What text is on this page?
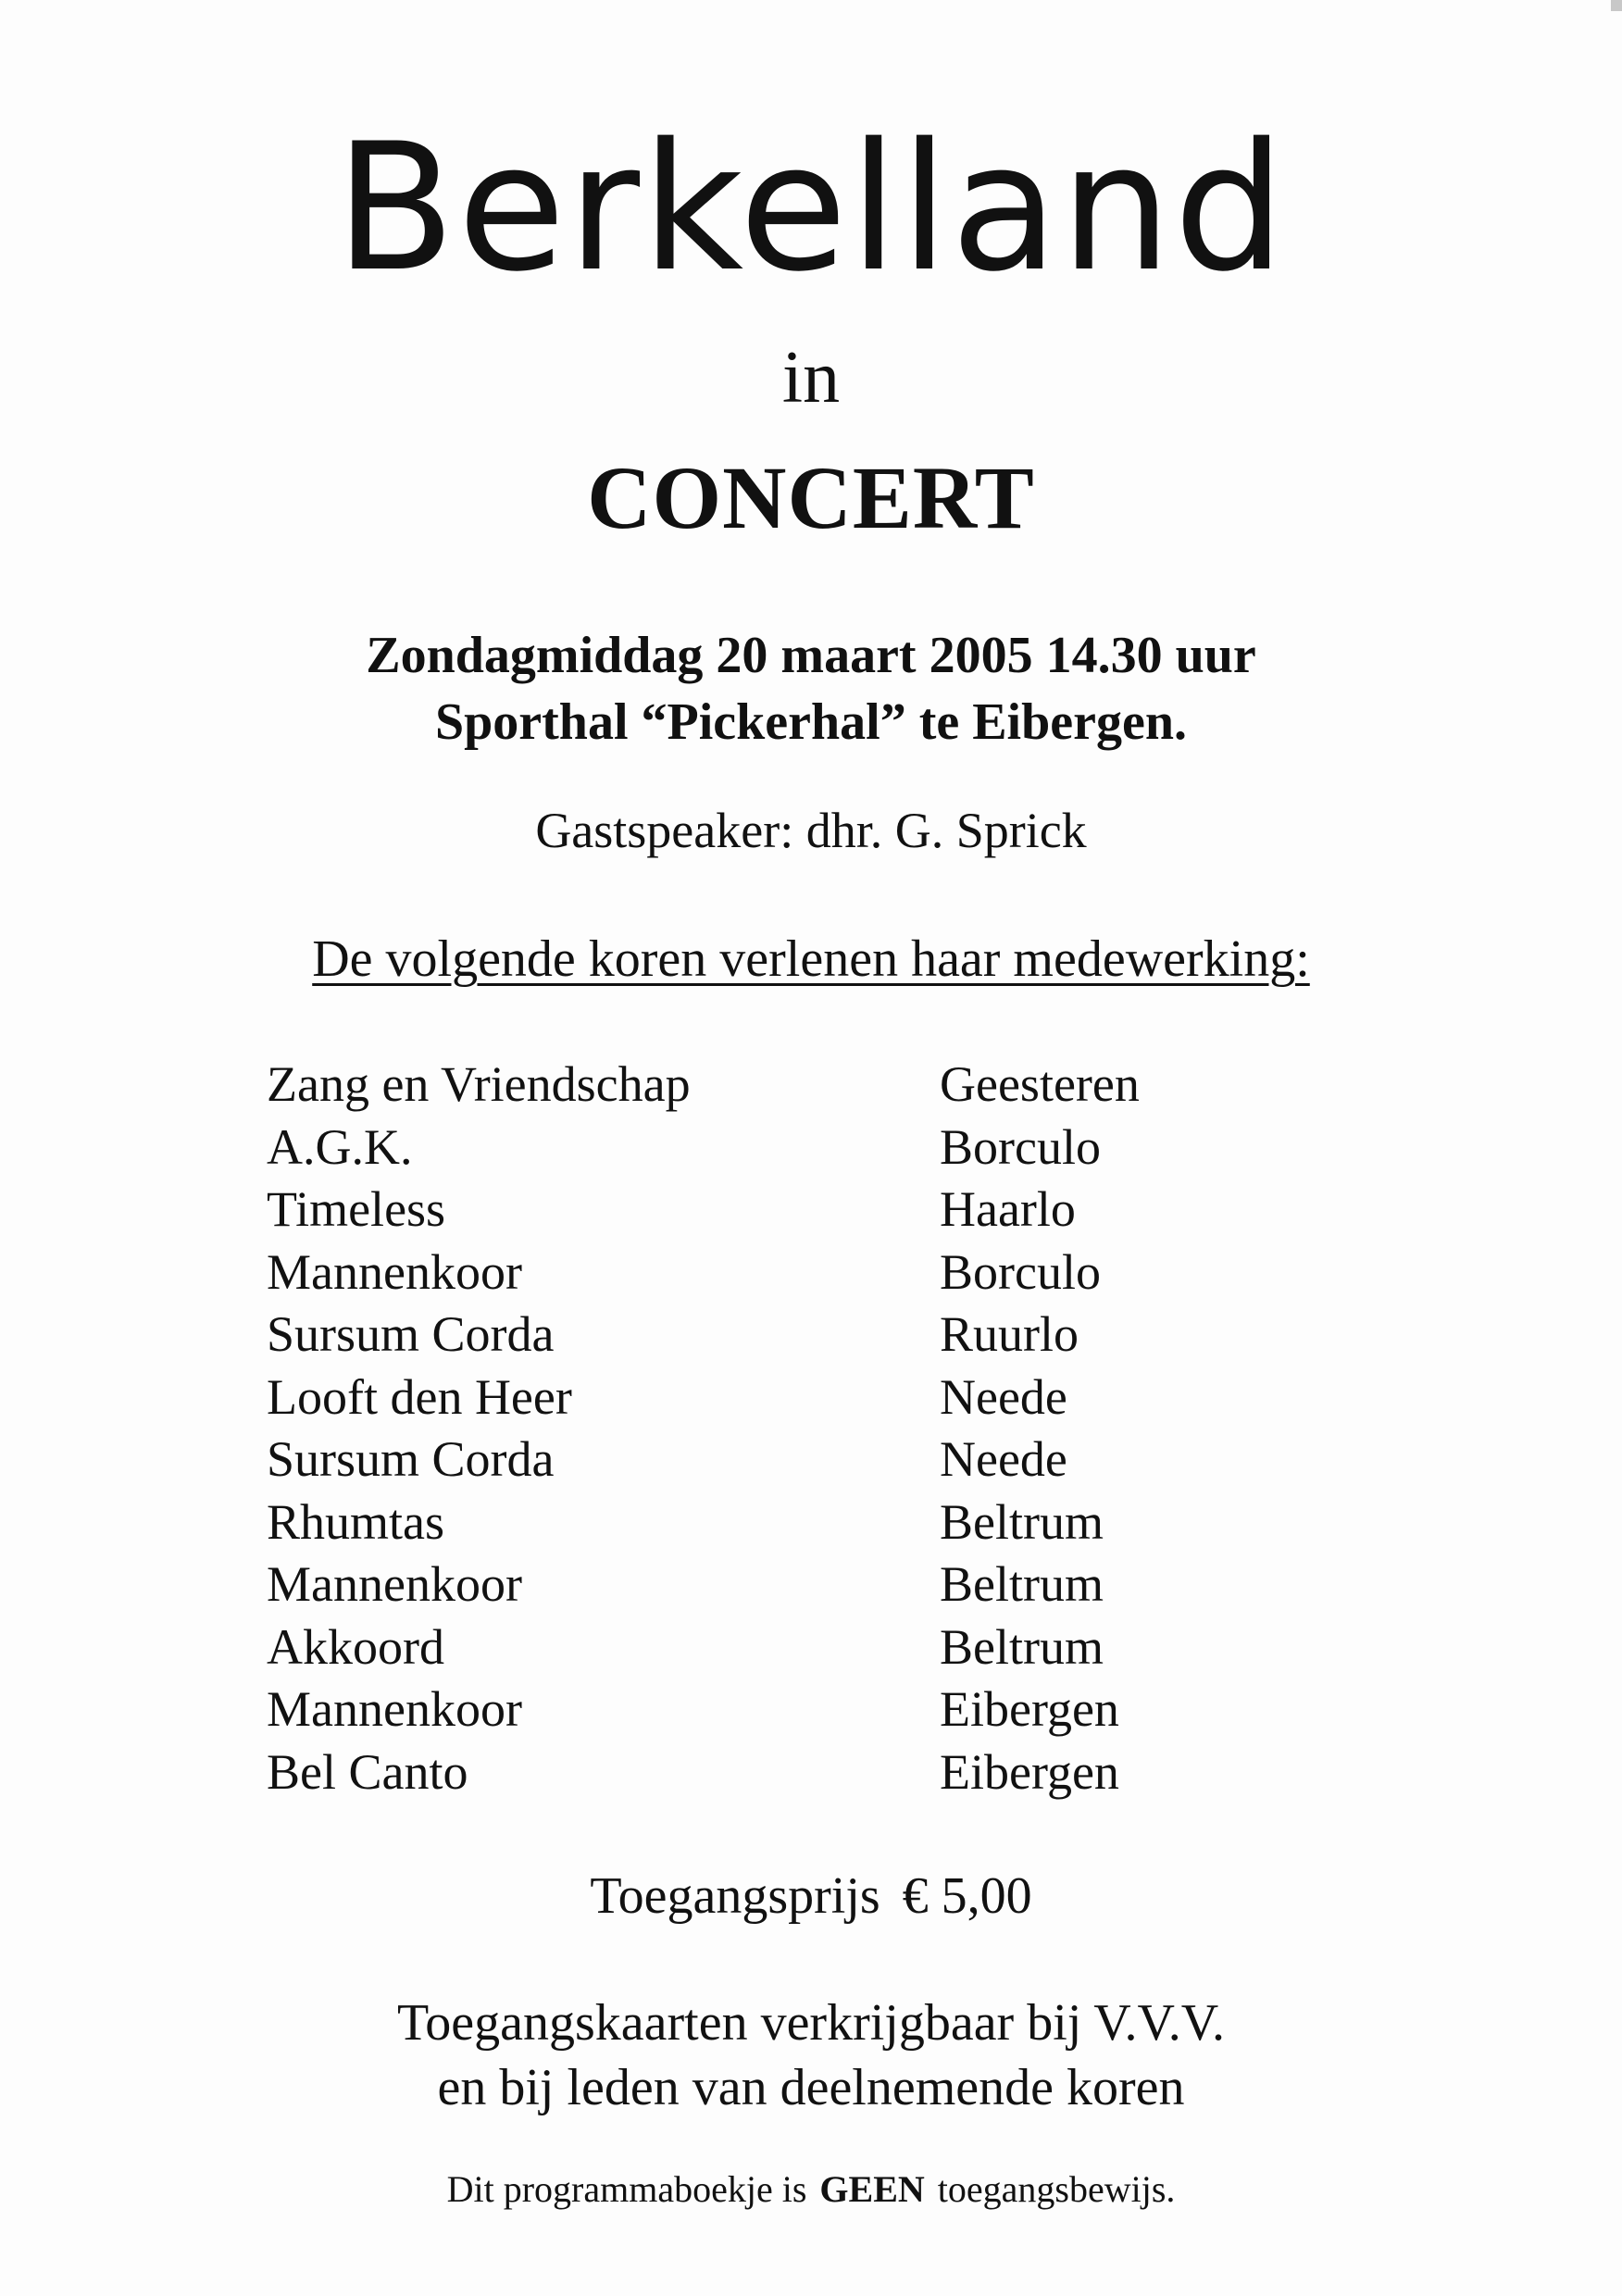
Berkelland
in
CONCERT
Zondagmiddag 20 maart 2005 14.30 uur
Sporthal “Pickerhal” te Eibergen.
Gastspeaker: dhr. G. Sprick
De volgende koren verlenen haar medewerking:
Zang en Vriendschap	Geesteren
A.G.K.	Borculo
Timeless	Haarlo
Mannenkoor	Borculo
Sursum Corda	Ruurlo
Looft den Heer	Neede
Sursum Corda	Neede
Rhumtas	Beltrum
Mannenkoor	Beltrum
Akkoord	Beltrum
Mannenkoor	Eibergen
Bel Canto	Eibergen
Toegangsprijs € 5,00
Toegangskaarten verkrijgbaar bij V.V.V.
en bij leden van deelnemende koren
Dit programmaboekje is GEEN toegangsbewijs.
